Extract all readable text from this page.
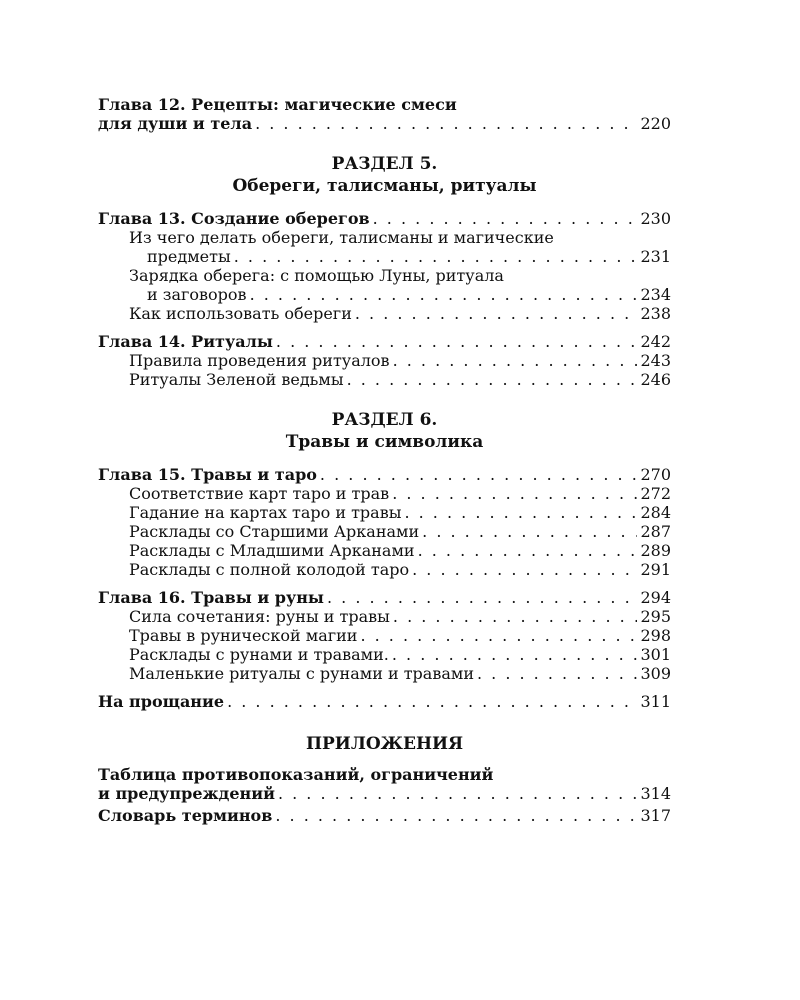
Глава 12. Рецепты: магические смеси
для души и тела . . .	220
РАЗДЕЛ 5.
Обереги, талисманы, ритуалы
Глава 13. Создание оберегов . . .	230
Из чего делать обереги, талисманы и магические
предметы . . .	231
Зарядка оберега: с помощью Луны, ритуала
и заговоров . . .	234
Как использовать обереги . . .	238
Глава 14. Ритуалы . . .	242
Правила проведения ритуалов . . .	243
Ритуалы Зеленой ведьмы . . .	246
РАЗДЕЛ 6.
Травы и символика
Глава 15. Травы и таро . . .	270
Соответствие карт таро и трав . . .	272
Гадание на картах таро и травы . . .	284
Расклады со Старшими Арканами . . .	287
Расклады с Младшими Арканами . . .	289
Расклады с полной колодой таро . . .	291
Глава 16. Травы и руны . . .	294
Сила сочетания: руны и травы . . .	295
Травы в рунической магии . . .	298
Расклады с рунами и травами. . . .	301
Маленькие ритуалы с рунами и травами . . .	309
На прощание . . .	311
ПРИЛОЖЕНИЯ
Таблица противопоказаний, ограничений
и предупреждений . . .	314
Словарь терминов . . .	317
